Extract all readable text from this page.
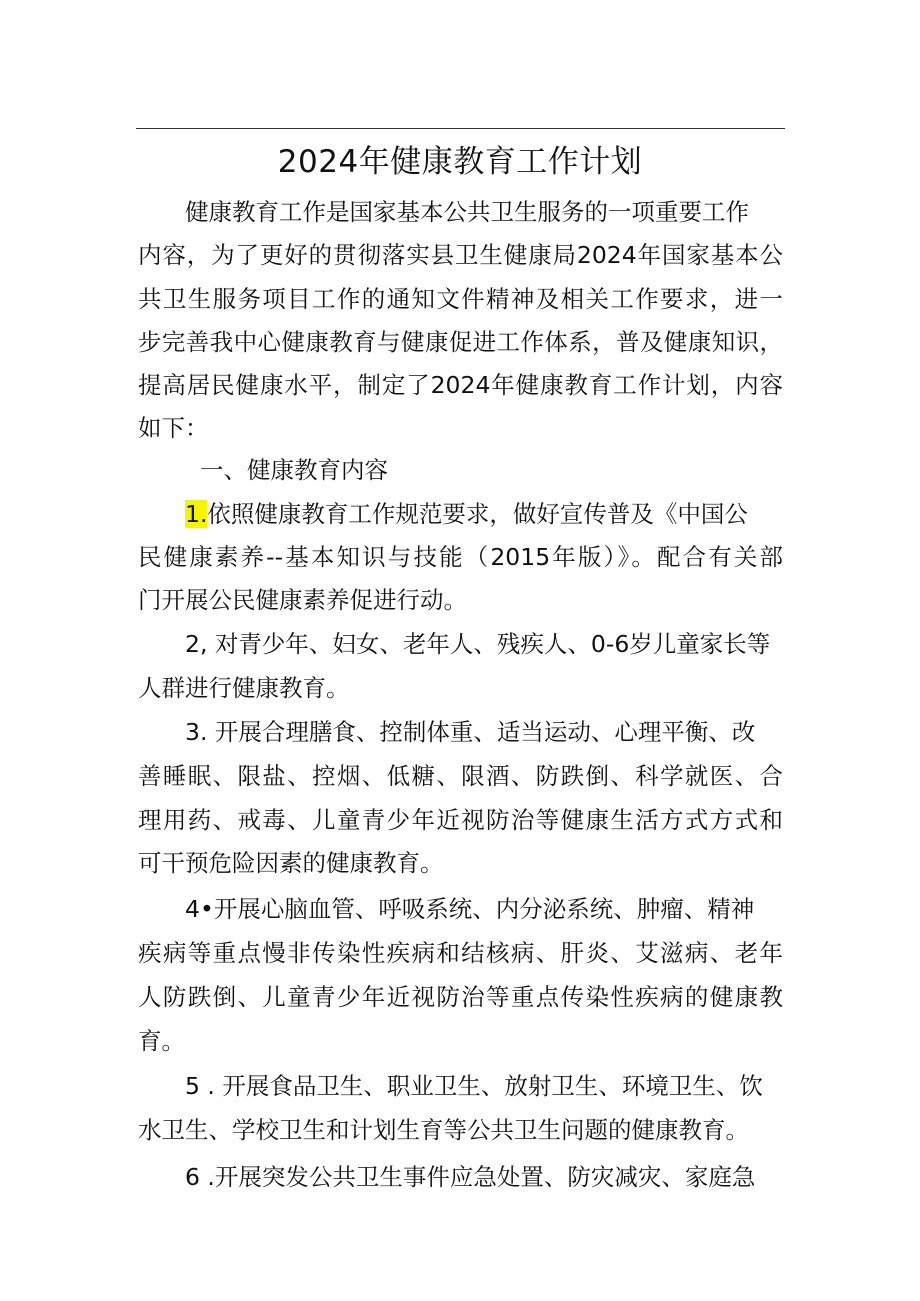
2024年健康教育工作计划

健康教育工作是国家基本公共卫生服务的一项重要工作

内容，为了更好的贯彻落实县卫生健康局2024年国家基本公

共卫生服务项目工作的通知文件精神及相关工作要求，进一

步完善我中心健康教育与健康促进工作体系，普及健康知识，

提高居民健康水平，制定了2024年健康教育工作计划，内容

如下：

一、健康教育内容

1.依照健康教育工作规范要求，做好宣传普及《中国公

民健康素养--基本知识与技能（2015年版）》。配合有关部

门开展公民健康素养促进行动。

2, 对青少年、妇女、老年人、残疾人、0-6岁儿童家长等

人群进行健康教育。

3. 开展合理膳食、控制体重、适当运动、心理平衡、改

善睡眠、限盐、控烟、低糖、限酒、防跌倒、科学就医、合

理用药、戒毒、儿童青少年近视防治等健康生活方式方式和

可干预危险因素的健康教育。

4•开展心脑血管、呼吸系统、内分泌系统、肿瘤、精神

疾病等重点慢非传染性疾病和结核病、肝炎、艾滋病、老年

人防跌倒、儿童青少年近视防治等重点传染性疾病的健康教

育。

5 . 开展食品卫生、职业卫生、放射卫生、环境卫生、饮

水卫生、学校卫生和计划生育等公共卫生问题的健康教育。

6 .开展突发公共卫生事件应急处置、防灾减灾、家庭急
